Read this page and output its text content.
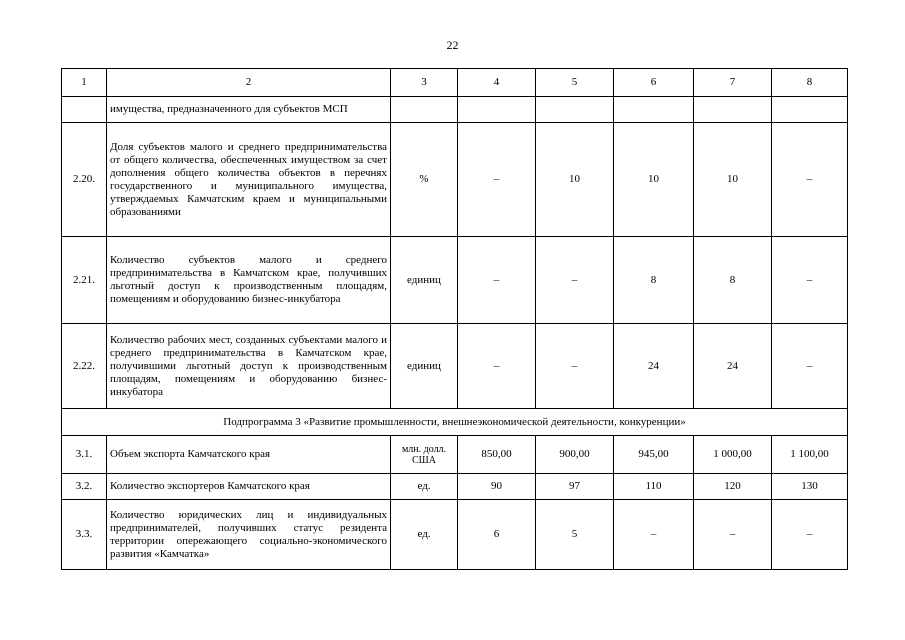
22
1	2	3	4	5	6	7	8
	имущества, предназначенного для субъектов МСП						
2.20.	Доля субъектов малого и среднего предпринимательства от общего количества, обеспеченных имуществом за счет дополнения общего количества объектов в перечнях государственного и муниципального имущества, утверждаемых Камчатским краем и муниципальными образованиями	%	–	10	10	10	–
2.21.	Количество субъектов малого и среднего предпринимательства в Камчатском крае, получивших льготный доступ к производственным площадям, помещениям и оборудованию бизнес-инкубатора	единиц	–	–	8	8	–
2.22.	Количество рабочих мест, созданных субъектами малого и среднего предпринимательства в Камчатском крае, получившими льготный доступ к производственным площадям, помещениям и оборудованию бизнес-инкубатора	единиц	–	–	24	24	–
Подпрограмма 3 «Развитие промышленности, внешнеэкономической деятельности, конкуренции»							
3.1.	Объем экспорта Камчатского края	млн. долл. США	850,00	900,00	945,00	1 000,00	1 100,00
3.2.	Количество экспортеров Камчатского края	ед.	90	97	110	120	130
3.3.	Количество юридических лиц и индивидуальных предпринимателей, получивших статус резидента территории опережающего социально-экономического развития «Камчатка»	ед.	6	5	–	–	–
